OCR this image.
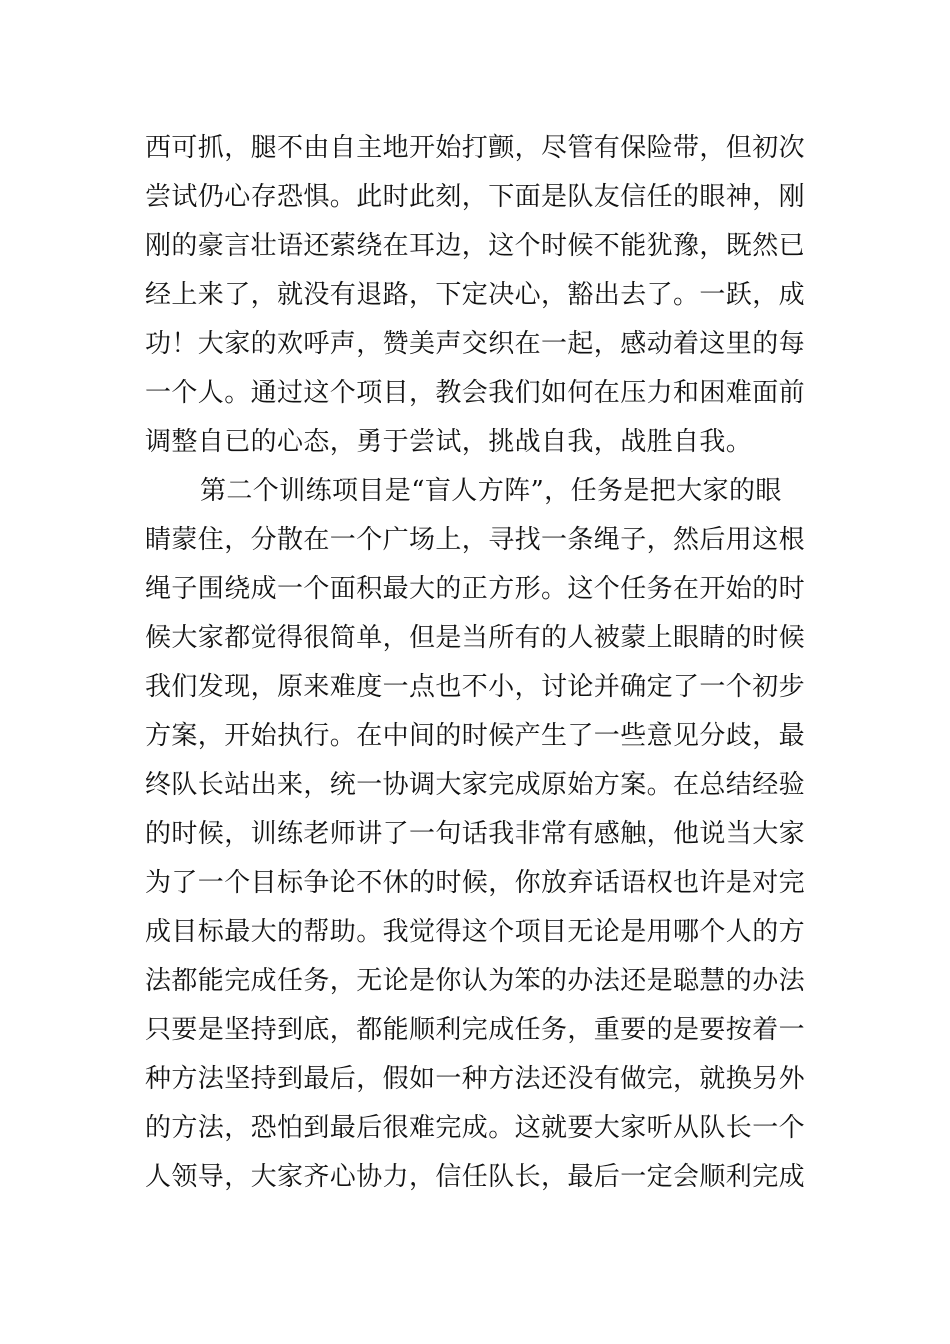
西可抓，腿不由自主地开始打颤，尽管有保险带，但初次
尝试仍心存恐惧。此时此刻，下面是队友信任的眼神，刚
刚的豪言壮语还萦绕在耳边，这个时候不能犹豫，既然已
经上来了，就没有退路，下定决心，豁出去了。一跃，成
功！大家的欢呼声，赞美声交织在一起，感动着这里的每
一个人。通过这个项目，教会我们如何在压力和困难面前
调整自已的心态，勇于尝试，挑战自我，战胜自我。
第二个训练项目是“盲人方阵”，任务是把大家的眼
睛蒙住，分散在一个广场上，寻找一条绳子，然后用这根
绳子围绕成一个面积最大的正方形。这个任务在开始的时
候大家都觉得很简单，但是当所有的人被蒙上眼睛的时候
我们发现，原来难度一点也不小，讨论并确定了一个初步
方案，开始执行。在中间的时候产生了一些意见分歧，最
终队长站出来，统一协调大家完成原始方案。在总结经验
的时候，训练老师讲了一句话我非常有感触，他说当大家
为了一个目标争论不休的时候，你放弃话语权也许是对完
成目标最大的帮助。我觉得这个项目无论是用哪个人的方
法都能完成任务，无论是你认为笨的办法还是聪慧的办法
只要是坚持到底，都能顺利完成任务，重要的是要按着一
种方法坚持到最后，假如一种方法还没有做完，就换另外
的方法，恐怕到最后很难完成。这就要大家听从队长一个
人领导，大家齐心协力，信任队长，最后一定会顺利完成
